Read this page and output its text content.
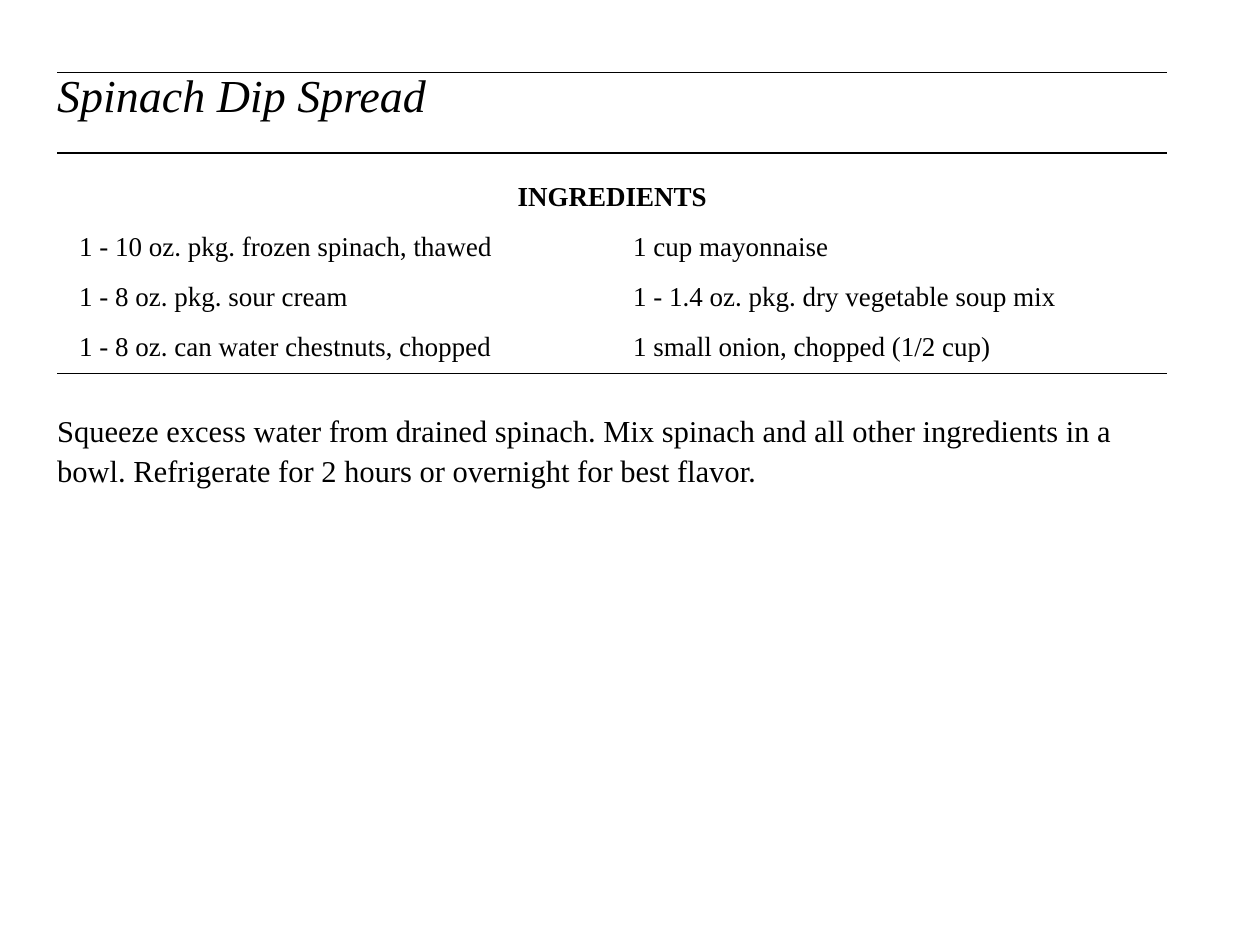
Spinach Dip Spread
INGREDIENTS
1 - 10 oz. pkg. frozen spinach, thawed	1 cup mayonnaise
1 - 8 oz. pkg. sour cream	1 - 1.4 oz. pkg. dry vegetable soup mix
1 - 8 oz. can water chestnuts, chopped	1 small onion, chopped (1/2 cup)

Squeeze excess water from drained spinach. Mix spinach and all other ingredients in a bowl. Refrigerate for 2 hours or overnight for best flavor.
